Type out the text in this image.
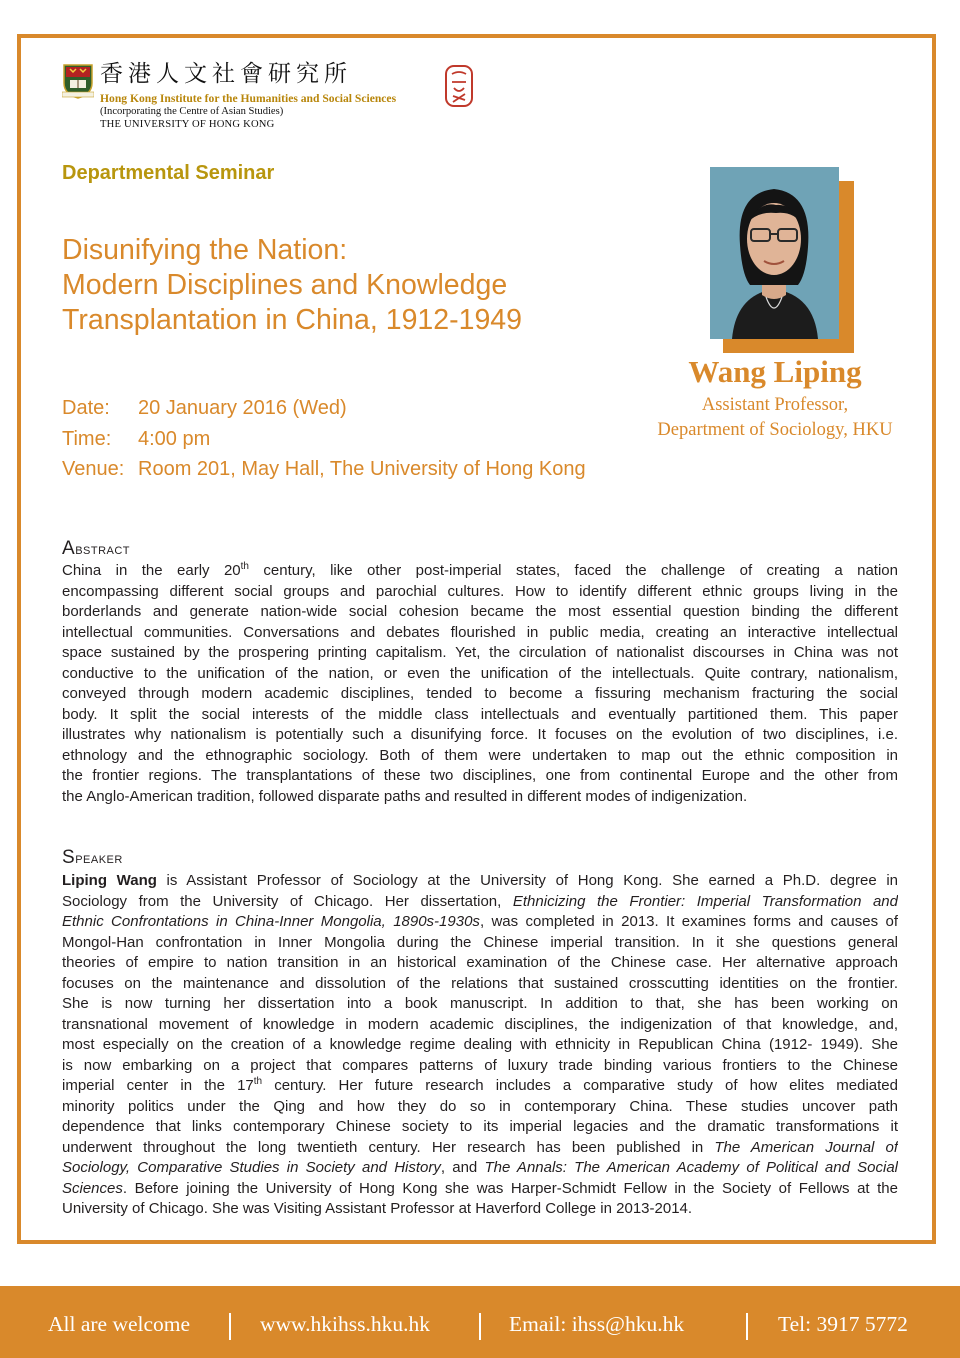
香港人文社會研究所
Hong Kong Institute for the Humanities and Social Sciences
(Incorporating the Centre of Asian Studies)
THE UNIVERSITY OF HONG KONG
Departmental Seminar
Disunifying the Nation:
Modern Disciplines and Knowledge
Transplantation in China, 1912-1949
Date: 20 January 2016 (Wed)
Time: 4:00 pm
Venue: Room 201, May Hall, The University of Hong Kong
Wang Liping
Assistant Professor,
Department of Sociology, HKU
Abstract
China in the early 20th century, like other post-imperial states, faced the challenge of creating a nation
encompassing different social groups and parochial cultures. How to identify different ethnic groups living in the
borderlands and generate nation-wide social cohesion became the most essential question binding the different
intellectual communities. Conversations and debates flourished in public media, creating an interactive intellectual
space sustained by the prospering printing capitalism. Yet, the circulation of nationalist discourses in China was not
conductive to the unification of the nation, or even the unification of the intellectuals. Quite contrary, nationalism,
conveyed through modern academic disciplines, tended to become a fissuring mechanism fracturing the social
body. It split the social interests of the middle class intellectuals and eventually partitioned them. This paper
illustrates why nationalism is potentially such a disunifying force. It focuses on the evolution of two disciplines, i.e.
ethnology and the ethnographic sociology. Both of them were undertaken to map out the ethnic composition in
the frontier regions. The transplantations of these two disciplines, one from continental Europe and the other from
the Anglo-American tradition, followed disparate paths and resulted in different modes of indigenization.
Speaker
Liping Wang is Assistant Professor of Sociology at the University of Hong Kong. She earned a Ph.D. degree in
Sociology from the University of Chicago. Her dissertation, Ethnicizing the Frontier: Imperial Transformation and
Ethnic Confrontations in China-Inner Mongolia, 1890s-1930s, was completed in 2013. It examines forms and causes of
Mongol-Han confrontation in Inner Mongolia during the Chinese imperial transition. In it she questions general
theories of empire to nation transition in an historical examination of the Chinese case. Her alternative approach
focuses on the maintenance and dissolution of the relations that sustained crosscutting identities on the frontier.
She is now turning her dissertation into a book manuscript. In addition to that, she has been working on
transnational movement of knowledge in modern academic disciplines, the indigenization of that knowledge, and,
most especially on the creation of a knowledge regime dealing with ethnicity in Republican China (1912- 1949). She
is now embarking on a project that compares patterns of luxury trade binding various frontiers to the Chinese
imperial center in the 17th century. Her future research includes a comparative study of how elites mediated
minority politics under the Qing and how they do so in contemporary China. These studies uncover path
dependence that links contemporary Chinese society to its imperial legacies and the dramatic transformations it
underwent throughout the long twentieth century. Her research has been published in The American Journal of
Sociology, Comparative Studies in Society and History, and The Annals: The American Academy of Political and Social
Sciences. Before joining the University of Hong Kong she was Harper-Schmidt Fellow in the Society of Fellows at the
University of Chicago. She was Visiting Assistant Professor at Haverford College in 2013-2014.
All are welcome	www.hkihss.hku.hk	Email: ihss@hku.hk	Tel: 3917 5772
